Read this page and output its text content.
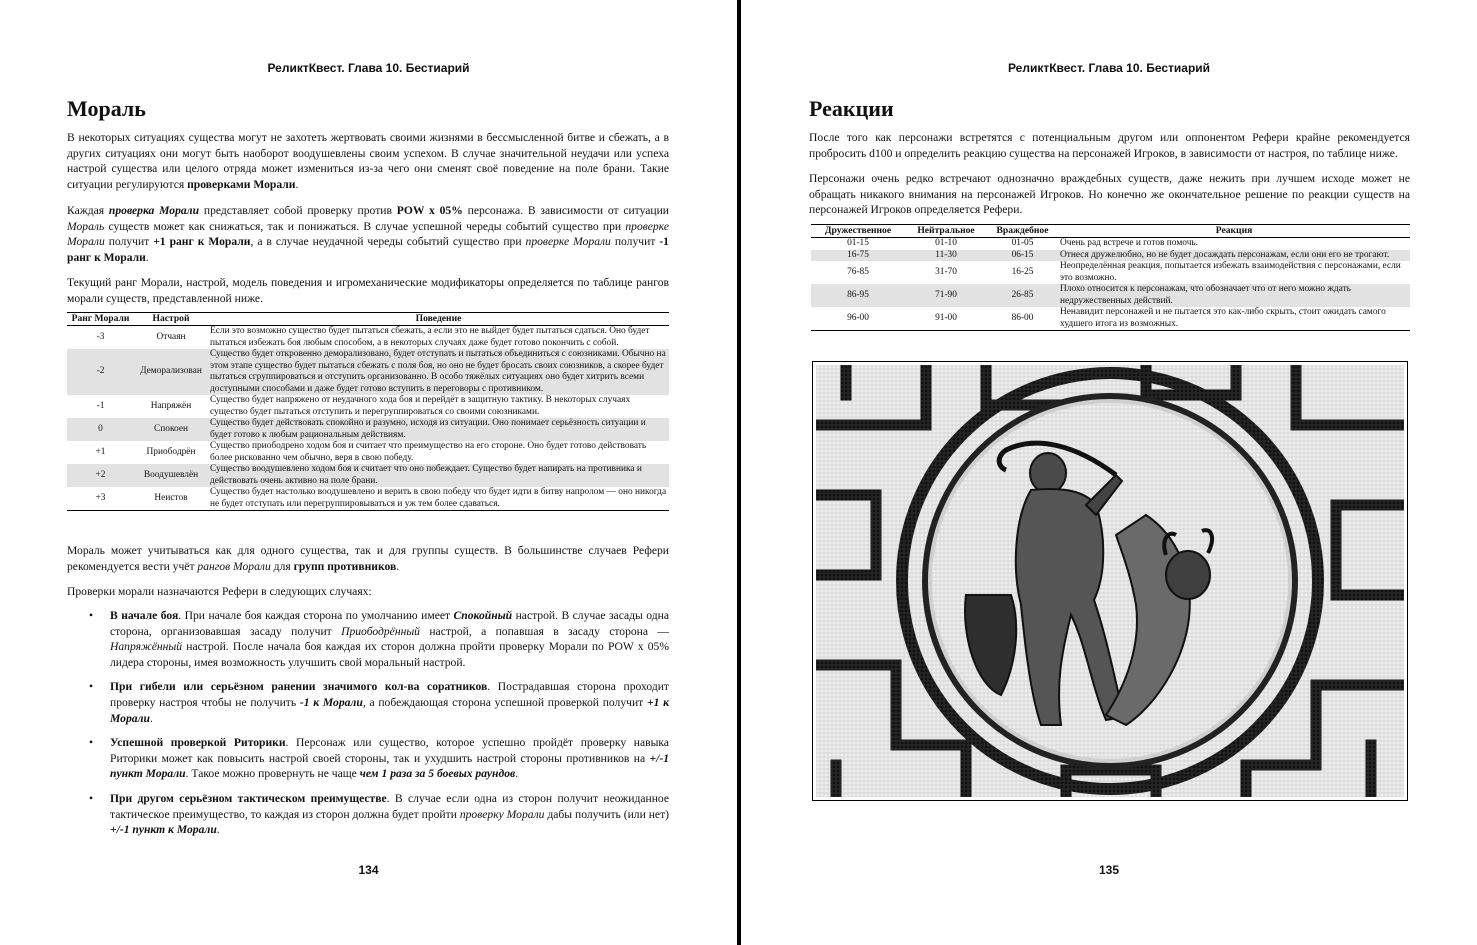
РеликтКвест. Глава 10. Бестиарий
Мораль

В некоторых ситуациях существа могут не захотеть жертвовать своими жизнями в бессмысленной битве и сбежать, а в других ситуациях они могут быть наоборот воодушевлены своим успехом. В случае значительной неудачи или успеха настрой существа или целого отряда может измениться из-за чего они сменят своё поведение на поле брани. Такие ситуации регулируются проверками Морали.

Каждая проверка Морали представляет собой проверку против POW x 05% персонажа. В зависимости от ситуации Мораль существ может как снижаться, так и понижаться. В случае успешной череды событий существо при проверке Морали получит +1 ранг к Морали, а в случае неудачной череды событий существо при проверке Морали получит -1 ранг к Морали.

Текущий ранг Морали, настрой, модель поведения и игромеханические модификаторы определяется по таблице рангов морали существ, представленной ниже.

Ранг Морали	Настрой	Поведение
-3	Отчаян	Если это возможно существо будет пытаться сбежать, а если это не выйдет будет пытаться сдаться. Оно будет пытаться избежать боя любым способом, а в некоторых случаях даже будет готово покончить с собой.
-2	Деморализован	Существо будет откровенно деморализовано, будет отступать и пытаться объединиться с союзниками. Обычно на этом этапе существо будет пытаться сбежать с поля боя, но оно не будет бросать своих союзников, а скорее будет пытаться сгруппироваться и отступить организованно. В особо тяжёлых ситуациях оно будет хитрить всеми доступными способами и даже будет готово вступить в переговоры с противником.
-1	Напряжён	Существо будет напряжено от неудачного хода боя и перейдёт в защитную тактику. В некоторых случаях существо будет пытаться отступить и перегруппироваться со своими союзниками.
0	Спокоен	Существо будет действовать спокойно и разумно, исходя из ситуации. Оно понимает серьёзность ситуации и будет готово к любым рациональным действиям.
+1	Приободрён	Существо приободрено ходом боя и считает что преимущество на его стороне. Оно будет готово действовать более рискованно чем обычно, веря в свою победу.
+2	Воодушевлён	Существо воодушевлено ходом боя и считает что оно побеждает. Существо будет напирать на противника и действовать очень активно на поле брани.
+3	Неистов	Существо будет настолько воодушевлено и верить в свою победу что будет идти в битву напролом — оно никогда не будет отступать или перегруппировываться и уж тем более сдаваться.

Мораль может учитываться как для одного существа, так и для группы существ. В большинстве случаев Рефери рекомендуется вести учёт рангов Морали для групп противников.

Проверки морали назначаются Рефери в следующих случаях:

• В начале боя. При начале боя каждая сторона по умолчанию имеет Спокойный настрой. В случае засады одна сторона, организовавшая засаду получит Приободрённый настрой, а попавшая в засаду сторона — Напряжённый настрой. После начала боя каждая их сторон должна пройти проверку Морали по POW x 05% лидера стороны, имея возможность улучшить свой моральный настрой.
• При гибели или серьёзном ранении значимого кол-ва соратников. Пострадавшая сторона проходит проверку настроя чтобы не получить -1 к Морали, а побеждающая сторона успешной проверкой получит +1 к Морали.
• Успешной проверкой Риторики. Персонаж или существо, которое успешно пройдёт проверку навыка Риторики может как повысить настрой своей стороны, так и ухудшить настрой стороны противников на +/-1 пункт Морали. Такое можно провернуть не чаще чем 1 раза за 5 боевых раундов.
• При другом серьёзном тактическом преимуществе. В случае если одна из сторон получит неожиданное тактическое преимущество, то каждая из сторон должна будет пройти проверку Морали дабы получить (или нет) +/-1 пункт к Морали.
134
РеликтКвест. Глава 10. Бестиарий
Реакции

После того как персонажи встретятся с потенциальным другом или оппонентом Рефери крайне рекомендуется пробросить d100 и определить реакцию существа на персонажей Игроков, в зависимости от настроя, по таблице ниже.

Персонажи очень редко встречают однозначно враждебных существ, даже нежить при лучшем исходе может не обращать никакого внимания на персонажей Игроков. Но конечно же окончательное решение по реакции существ на персонажей Игроков определяется Рефери.

Дружественное	Нейтральное	Враждебное	Реакция
01-15	01-10	01-05	Очень рад встрече и готов помочь.
16-75	11-30	06-15	Отнеся дружелюбно, но не будет досаждать персонажам, если они его не трогают.
76-85	31-70	16-25	Неопределённая реакция, попытается избежать взаимодействия с персонажами, если это возможно.
86-95	71-90	26-85	Плохо относится к персонажам, что обозначает что от него можно ждать недружественных действий.
96-00	91-00	86-00	Ненавидит персонажей и не пытается это как-либо скрыть, стоит ожидать самого худшего итога из возможных.
135
